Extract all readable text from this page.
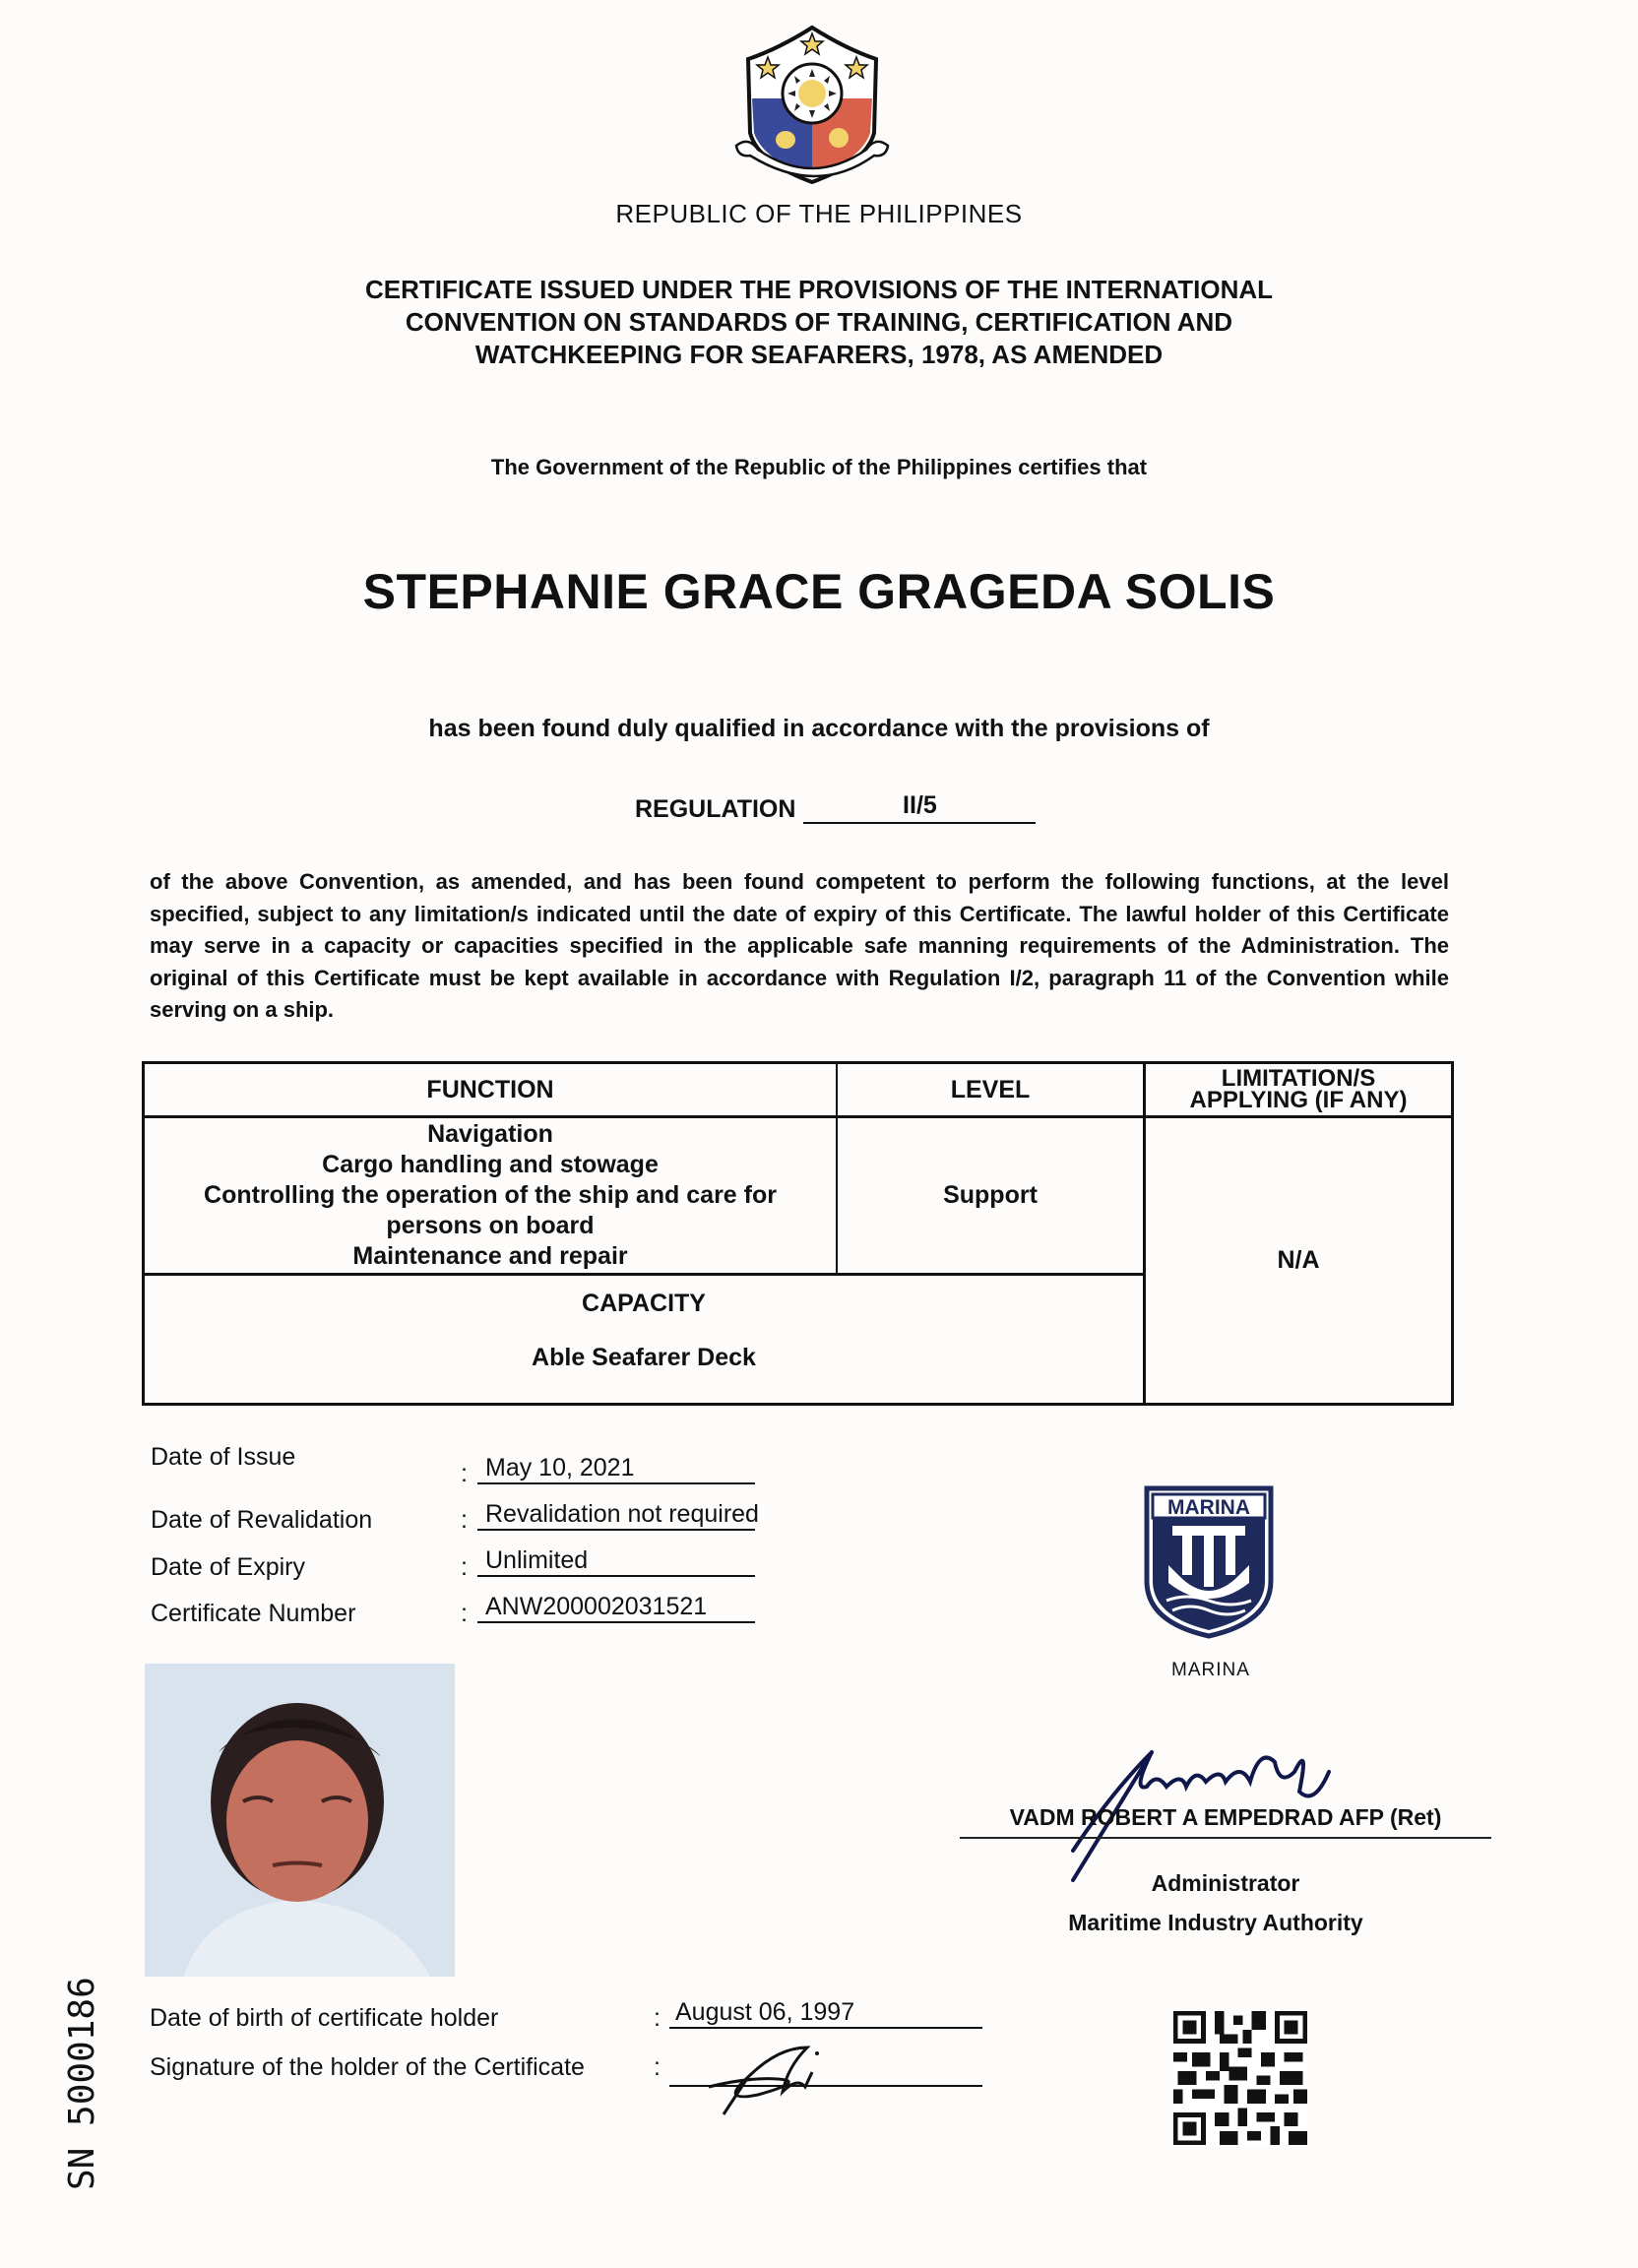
REPUBLIC OF THE PHILIPPINES
CERTIFICATE ISSUED UNDER THE PROVISIONS OF THE INTERNATIONAL
CONVENTION ON STANDARDS OF TRAINING, CERTIFICATION AND
WATCHKEEPING FOR SEAFARERS, 1978, AS AMENDED
The Government of the Republic of the Philippines certifies that
STEPHANIE GRACE GRAGEDA SOLIS
has been found duly qualified in accordance with the provisions of
REGULATION	II/5
of the above Convention, as amended, and has been found competent to perform the following functions, at the level specified, subject to any limitation/s indicated until the date of expiry of this Certificate. The lawful holder of this Certificate may serve in a capacity or capacities specified in the applicable safe manning requirements of the Administration. The original of this Certificate must be kept available in accordance with Regulation I/2, paragraph 11 of the Convention while serving on a ship.
FUNCTION	LEVEL	LIMITATION/S
APPLYING (IF ANY)
Navigation
Cargo handling and stowage
Controlling the operation of the ship and care for
persons on board
Maintenance and repair
Support
N/A
CAPACITY
Able Seafarer Deck
Date of Issue
: May 10, 2021
Date of Revalidation	: Revalidation not required
Date of Expiry	: Unlimited
Certificate Number	: ANW200002031521
MARINA
MARINA
VADM ROBERT A EMPEDRAD AFP (Ret)
Administrator
Maritime Industry Authority
Date of birth of certificate holder	: August 06, 1997
Signature of the holder of the Certificate	:
SN 5000186
